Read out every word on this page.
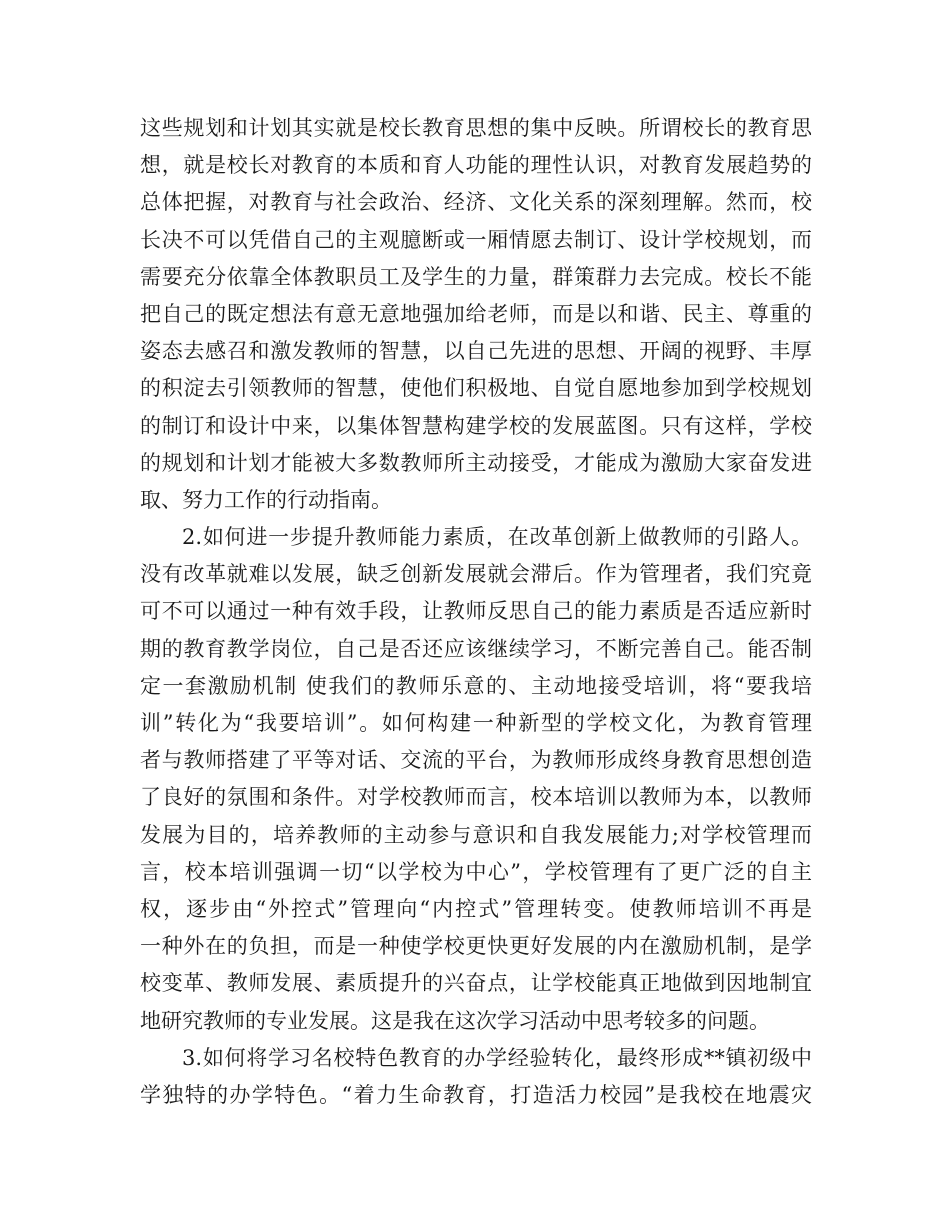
这些规划和计划其实就是校长教育思想的集中反映。所谓校长的教育思
想，就是校长对教育的本质和育人功能的理性认识，对教育发展趋势的
总体把握，对教育与社会政治、经济、文化关系的深刻理解。然而，校
长决不可以凭借自己的主观臆断或一厢情愿去制订、设计学校规划，而
需要充分依靠全体教职员工及学生的力量，群策群力去完成。校长不能
把自己的既定想法有意无意地强加给老师，而是以和谐、民主、尊重的
姿态去感召和激发教师的智慧，以自己先进的思想、开阔的视野、丰厚
的积淀去引领教师的智慧，使他们积极地、自觉自愿地参加到学校规划
的制订和设计中来，以集体智慧构建学校的发展蓝图。只有这样，学校
的规划和计划才能被大多数教师所主动接受，才能成为激励大家奋发进
取、努力工作的行动指南。
2.如何进一步提升教师能力素质，在改革创新上做教师的引路人。
没有改革就难以发展，缺乏创新发展就会滞后。作为管理者，我们究竟
可不可以通过一种有效手段，让教师反思自己的能力素质是否适应新时
期的教育教学岗位，自己是否还应该继续学习，不断完善自己。能否制
定一套激励机制 使我们的教师乐意的、主动地接受培训，将“要我培
训”转化为“我要培训”。如何构建一种新型的学校文化，为教育管理
者与教师搭建了平等对话、交流的平台，为教师形成终身教育思想创造
了良好的氛围和条件。对学校教师而言，校本培训以教师为本，以教师
发展为目的，培养教师的主动参与意识和自我发展能力;对学校管理而
言，校本培训强调一切“以学校为中心”，学校管理有了更广泛的自主
权，逐步由“外控式”管理向“内控式”管理转变。使教师培训不再是
一种外在的负担，而是一种使学校更快更好发展的内在激励机制，是学
校变革、教师发展、素质提升的兴奋点，让学校能真正地做到因地制宜
地研究教师的专业发展。这是我在这次学习活动中思考较多的问题。
3.如何将学习名校特色教育的办学经验转化，最终形成**镇初级中
学独特的办学特色。“着力生命教育，打造活力校园”是我校在地震灾
